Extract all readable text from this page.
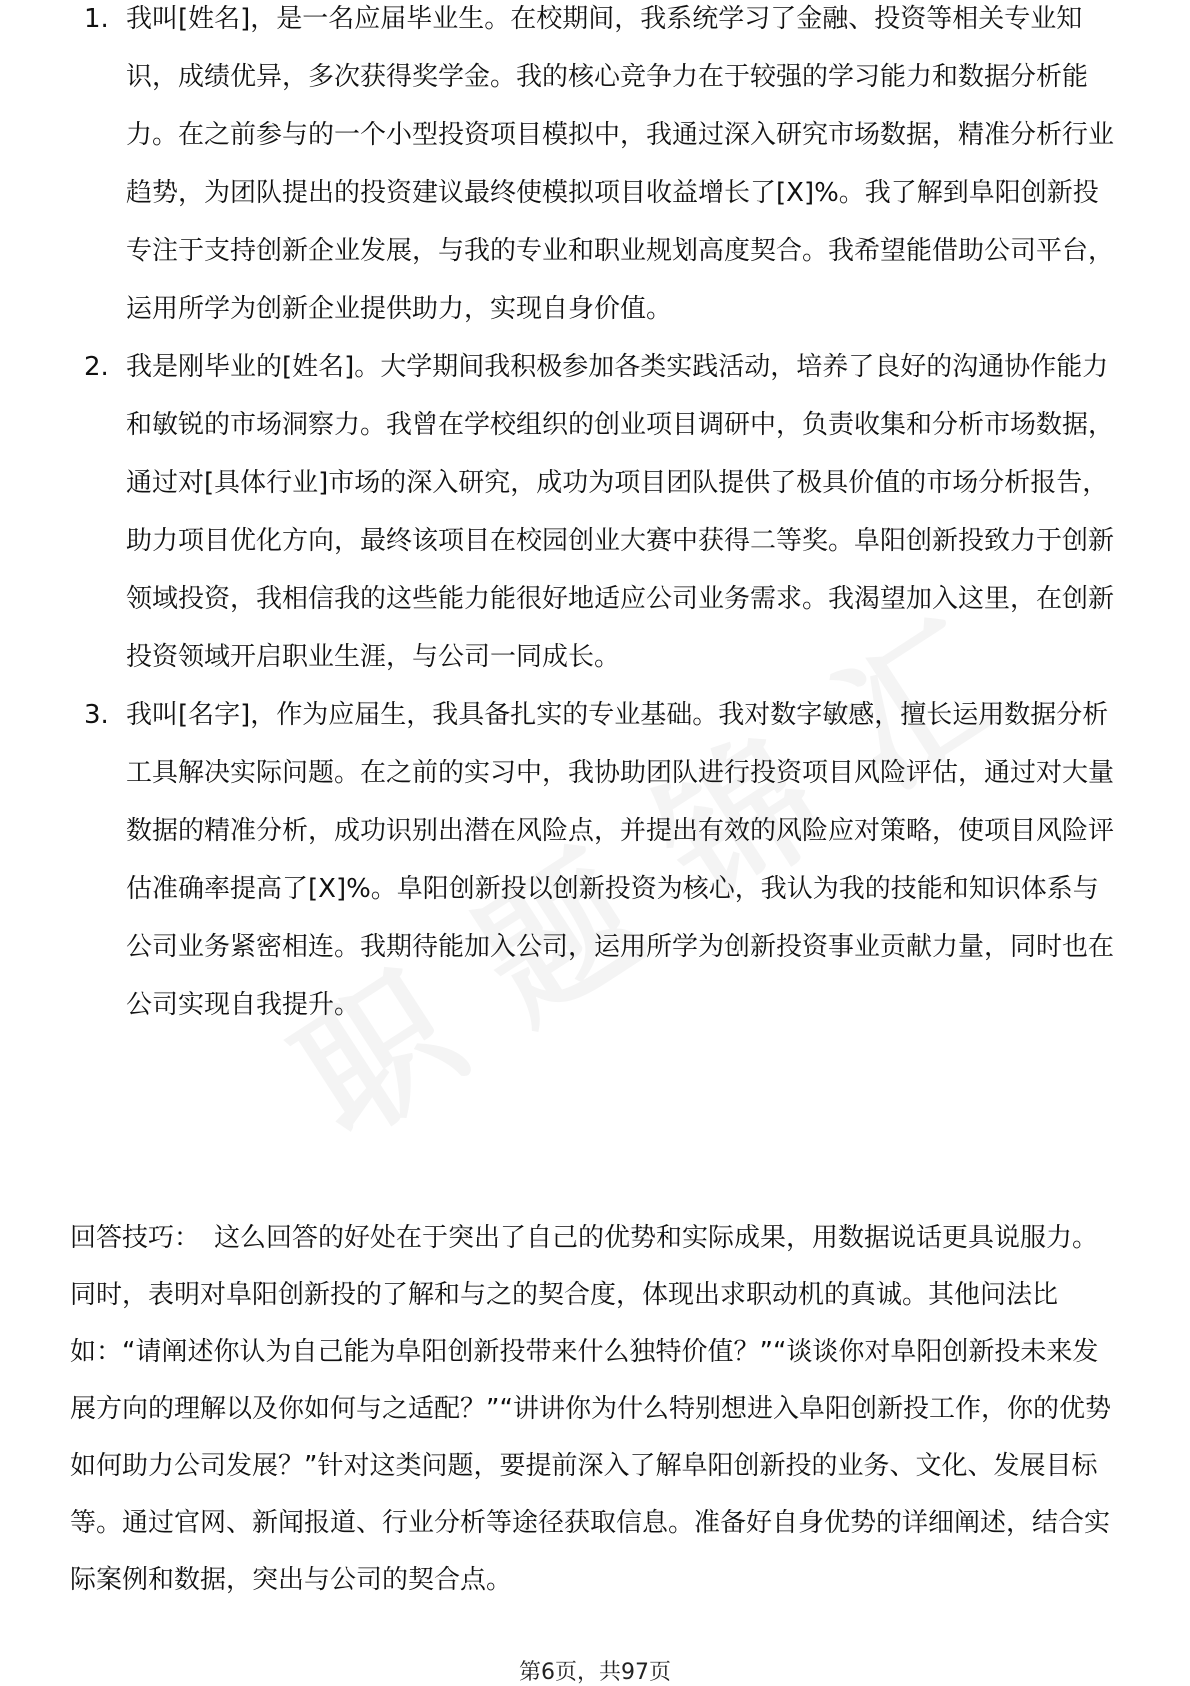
1. 我叫[姓名]，是一名应届毕业生。在校期间，我系统学习了金融、投资等相关专业知识，成绩优异，多次获得奖学金。我的核心竞争力在于较强的学习能力和数据分析能力。在之前参与的一个小型投资项目模拟中，我通过深入研究市场数据，精准分析行业趋势，为团队提出的投资建议最终使模拟项目收益增长了[X]%。我了解到阜阳创新投专注于支持创新企业发展，与我的专业和职业规划高度契合。我希望能借助公司平台，运用所学为创新企业提供助力，实现自身价值。
2. 我是刚毕业的[姓名]。大学期间我积极参加各类实践活动，培养了良好的沟通协作能力和敏锐的市场洞察力。我曾在学校组织的创业项目调研中，负责收集和分析市场数据，通过对[具体行业]市场的深入研究，成功为项目团队提供了极具价值的市场分析报告，助力项目优化方向，最终该项目在校园创业大赛中获得二等奖。阜阳创新投致力于创新领域投资，我相信我的这些能力能很好地适应公司业务需求。我渴望加入这里，在创新投资领域开启职业生涯，与公司一同成长。
3. 我叫[名字]，作为应届生，我具备扎实的专业基础。我对数字敏感，擅长运用数据分析工具解决实际问题。在之前的实习中，我协助团队进行投资项目风险评估，通过对大量数据的精准分析，成功识别出潜在风险点，并提出有效的风险应对策略，使项目风险评估准确率提高了[X]%。阜阳创新投以创新投资为核心，我认为我的技能和知识体系与公司业务紧密相连。我期待能加入公司，运用所学为创新投资事业贡献力量，同时也在公司实现自我提升。

回答技巧： 这么回答的好处在于突出了自己的优势和实际成果，用数据说话更具说服力。同时，表明对阜阳创新投的了解和与之的契合度，体现出求职动机的真诚。其他问法比如：“请阐述你认为自己能为阜阳创新投带来什么独特价值？”“谈谈你对阜阳创新投未来发展方向的理解以及你如何与之适配？”“讲讲你为什么特别想进入阜阳创新投工作，你的优势如何助力公司发展？”针对这类问题，要提前深入了解阜阳创新投的业务、文化、发展目标等。通过官网、新闻报道、行业分析等途径获取信息。准备好自身优势的详细阐述，结合实际案例和数据，突出与公司的契合点。

第6页，共97页
